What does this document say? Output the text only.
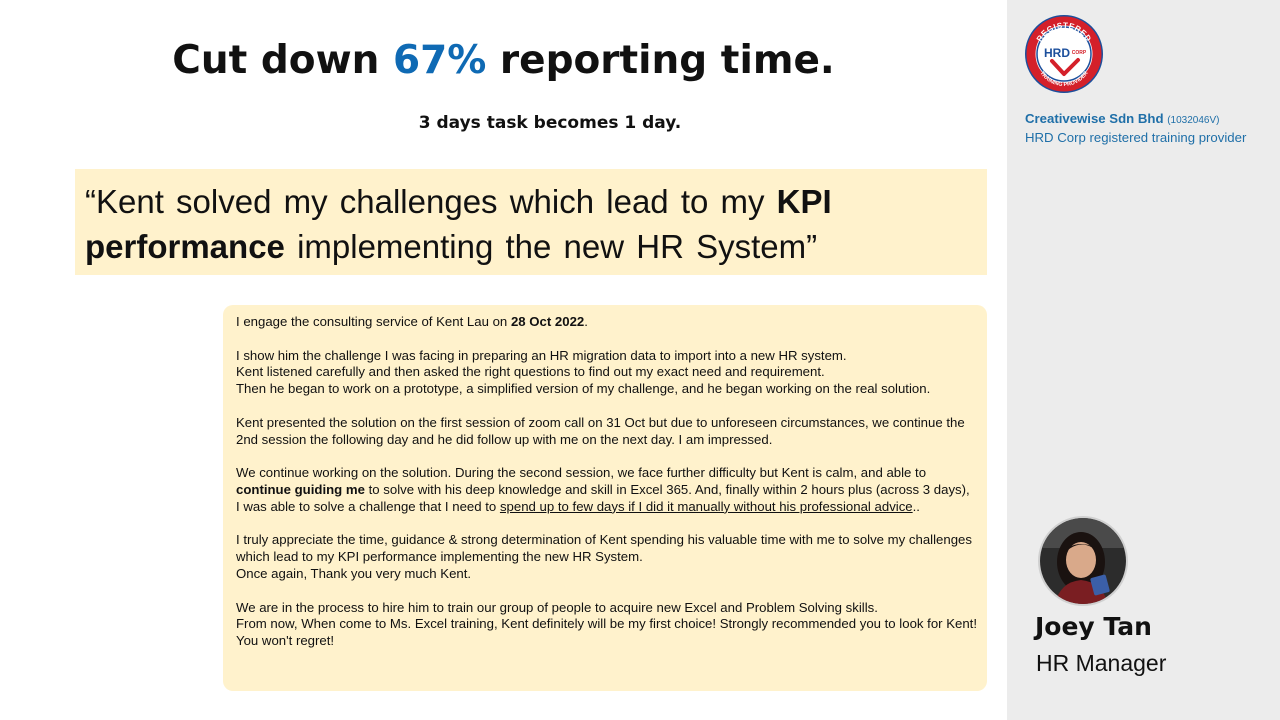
Cut down 67% reporting time.
3 days task becomes 1 day.
“Kent solved my challenges which lead to my KPI performance implementing the new HR System”

I engage the consulting service of Kent Lau on 28 Oct 2022.

I show him the challenge I was facing in preparing an HR migration data to import into a new HR system.
Kent listened carefully and then asked the right questions to find out my exact need and requirement.
Then he began to work on a prototype, a simplified version of my challenge, and he began working on the real solution.

Kent presented the solution on the first session of zoom call on 31 Oct but due to unforeseen circumstances, we continue the 2nd session the following day and he did follow up with me on the next day. I am impressed.

We continue working on the solution. During the second session, we face further difficulty but Kent is calm, and able to continue guiding me to solve with his deep knowledge and skill in Excel 365. And, finally within 2 hours plus (across 3 days), I was able to solve a challenge that I need to spend up to few days if I did it manually without his professional advice..

I truly appreciate the time, guidance & strong determination of Kent spending his valuable time with me to solve my challenges which lead to my KPI performance implementing the new HR System.
Once again, Thank you very much Kent.

We are in the process to hire him to train our group of people to acquire new Excel and Problem Solving skills.
From now, When come to Ms. Excel training, Kent definitely will be my first choice! Strongly recommended you to look for Kent! You won't regret!

REGISTERED
TRAINING PROVIDER
HRD CORP
Creativewise Sdn Bhd (1032046V)
HRD Corp registered training provider
Joey Tan
HR Manager
